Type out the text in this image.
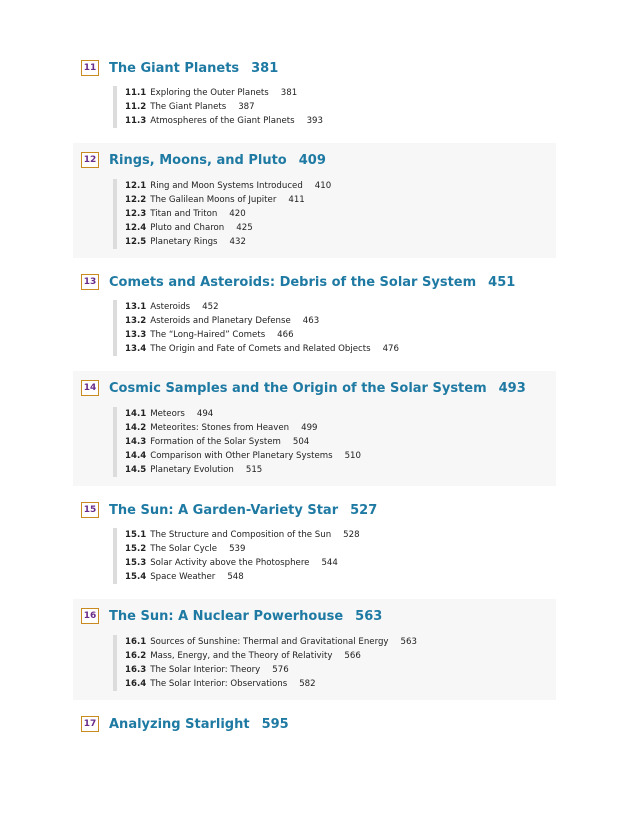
11 The Giant Planets 381
11.1 Exploring the Outer Planets 381
11.2 The Giant Planets 387
11.3 Atmospheres of the Giant Planets 393
12 Rings, Moons, and Pluto 409
12.1 Ring and Moon Systems Introduced 410
12.2 The Galilean Moons of Jupiter 411
12.3 Titan and Triton 420
12.4 Pluto and Charon 425
12.5 Planetary Rings 432
13 Comets and Asteroids: Debris of the Solar System 451
13.1 Asteroids 452
13.2 Asteroids and Planetary Defense 463
13.3 The “Long-Haired” Comets 466
13.4 The Origin and Fate of Comets and Related Objects 476
14 Cosmic Samples and the Origin of the Solar System 493
14.1 Meteors 494
14.2 Meteorites: Stones from Heaven 499
14.3 Formation of the Solar System 504
14.4 Comparison with Other Planetary Systems 510
14.5 Planetary Evolution 515
15 The Sun: A Garden-Variety Star 527
15.1 The Structure and Composition of the Sun 528
15.2 The Solar Cycle 539
15.3 Solar Activity above the Photosphere 544
15.4 Space Weather 548
16 The Sun: A Nuclear Powerhouse 563
16.1 Sources of Sunshine: Thermal and Gravitational Energy 563
16.2 Mass, Energy, and the Theory of Relativity 566
16.3 The Solar Interior: Theory 576
16.4 The Solar Interior: Observations 582
17 Analyzing Starlight 595
